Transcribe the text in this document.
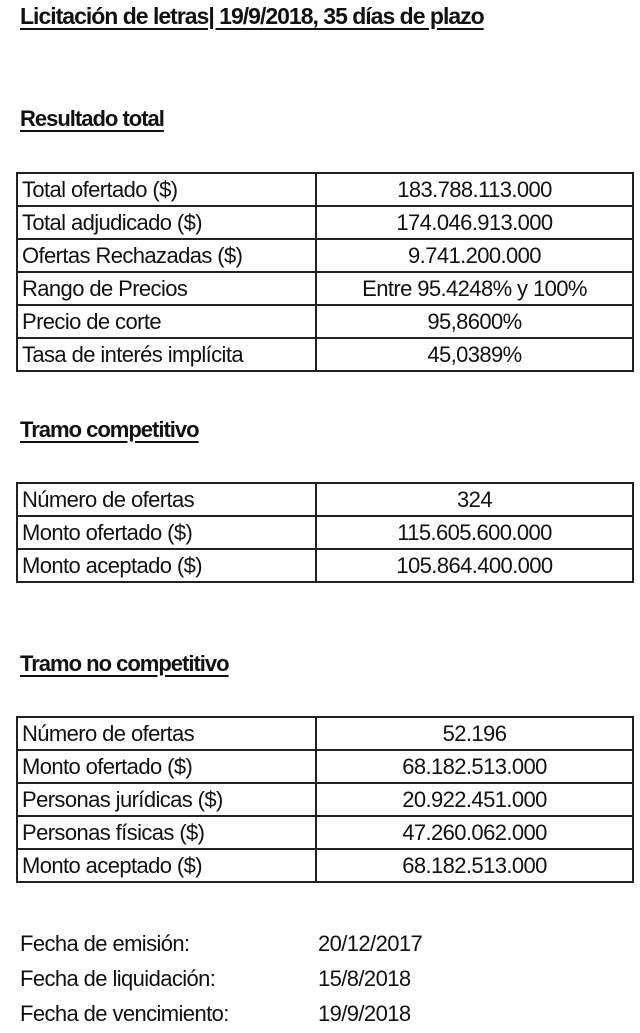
Licitación de letras| 19/9/2018, 35 días de plazo
Resultado total
Total ofertado ($)	183.788.113.000
Total adjudicado ($)	174.046.913.000
Ofertas Rechazadas ($)	9.741.200.000
Rango de Precios	Entre 95.4248% y 100%
Precio de corte	95,8600%
Tasa de interés implícita	45,0389%
Tramo competitivo
Número de ofertas	324
Monto ofertado ($)	115.605.600.000
Monto aceptado ($)	105.864.400.000
Tramo no competitivo
Número de ofertas	52.196
Monto ofertado ($)	68.182.513.000
Personas jurídicas ($)	20.922.451.000
Personas físicas ($)	47.260.062.000
Monto aceptado ($)	68.182.513.000
Fecha de emisión:	20/12/2017
Fecha de liquidación:	15/8/2018
Fecha de vencimiento:	19/9/2018
